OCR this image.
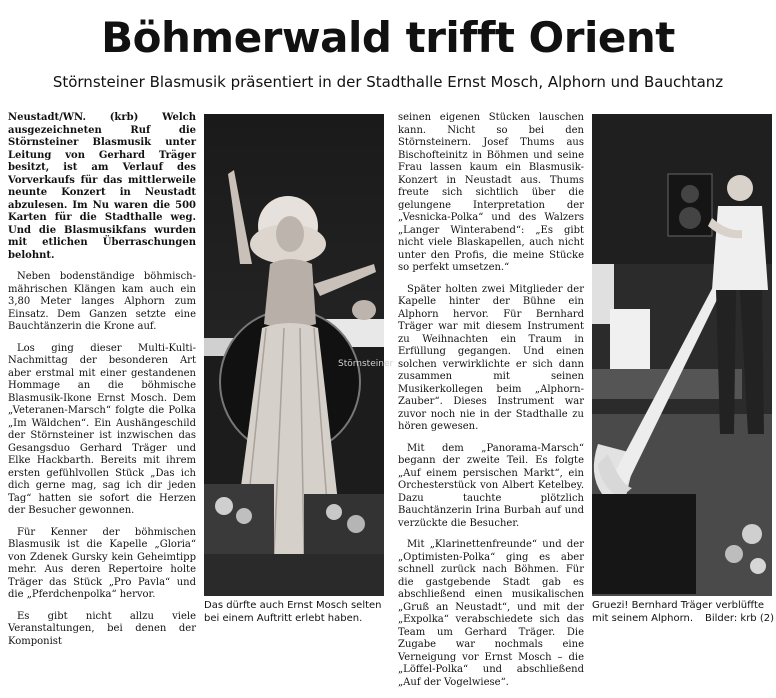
Böhmerwald trifft Orient
Störnsteiner Blasmusik präsentiert in der Stadthalle Ernst Mosch, Alphorn und Bauchtanz

Neustadt/WN. (krb) Welch ausgezeichneten Ruf die Störnsteiner Blasmusik unter Leitung von Gerhard Träger besitzt, ist am Verlauf des Vorverkaufs für das mittlerweile neunte Konzert in Neustadt abzulesen. Im Nu waren die 500 Karten für die Stadthalle weg. Und die Blasmusikfans wurden mit etlichen Überraschungen belohnt.

Neben bodenständige böhmisch-mährischen Klängen kam auch ein 3,80 Meter langes Alphorn zum Einsatz. Dem Ganzen setzte eine Bauchtänzerin die Krone auf.

Los ging dieser Multi-Kulti-Nachmittag der besonderen Art aber erstmal mit einer gestandenen Hommage an die böhmische Blasmusik-Ikone Ernst Mosch. Dem „Veteranen-Marsch“ folgte die Polka „Im Wäldchen“. Ein Aushängeschild der Störnsteiner ist inzwischen das Gesangsduo Gerhard Träger und Elke Hackbarth. Bereits mit ihrem ersten gefühlvollen Stück „Das ich dich gerne mag, sag ich dir jeden Tag“ hatten sie sofort die Herzen der Besucher gewonnen.

Für Kenner der böhmischen Blasmusik ist die Kapelle „Gloria“ von Zdenek Gursky kein Geheimtipp mehr. Aus deren Repertoire holte Träger das Stück „Pro Pavla“ und die „Pferdchenpolka“ hervor.

Es gibt nicht allzu viele Veranstaltungen, bei denen der Komponist

Störnsteiner

seinen eigenen Stücken lauschen kann. Nicht so bei den Störnsteinern. Josef Thums aus Bischofteinitz in Böhmen und seine Frau lassen kaum ein Blasmusik-Konzert in Neustadt aus. Thums freute sich sichtlich über die gelungene Interpretation der „Vesnicka-Polka“ und des Walzers „Langer Winterabend“: „Es gibt nicht viele Blaskapellen, auch nicht unter den Profis, die meine Stücke so perfekt umsetzen.“

Später holten zwei Mitglieder der Kapelle hinter der Bühne ein Alphorn hervor. Für Bernhard Träger war mit diesem Instrument zu Weihnachten ein Traum in Erfüllung gegangen. Und einen solchen verwirklichte er sich dann zusammen mit seinen Musikerkollegen beim „Alphorn-Zauber“. Dieses Instrument war zuvor noch nie in der Stadthalle zu hören gewesen.

Mit dem „Panorama-Marsch“ begann der zweite Teil. Es folgte „Auf einem persischen Markt“, ein Orchesterstück von Albert Ketelbey. Dazu tauchte plötzlich Bauchtänzerin Irina Burbah auf und verzückte die Besucher.

Mit „Klarinettenfreunde“ und der „Optimisten-Polka“ ging es aber schnell zurück nach Böhmen. Für die gastgebende Stadt gab es abschließend einen musikalischen „Gruß an Neustadt“, und mit der „Expolka“ verabschiedete sich das Team um Gerhard Träger. Die Zugabe war nochmals eine Verneigung vor Ernst Mosch – die „Löffel-Polka“ und abschließend „Auf der Vogelwiese“.

Das dürfte auch Ernst Mosch selten bei einem Auftritt erlebt haben.
Gruezi! Bernhard Träger verblüffte mit seinem Alphorn. Bilder: krb (2)
